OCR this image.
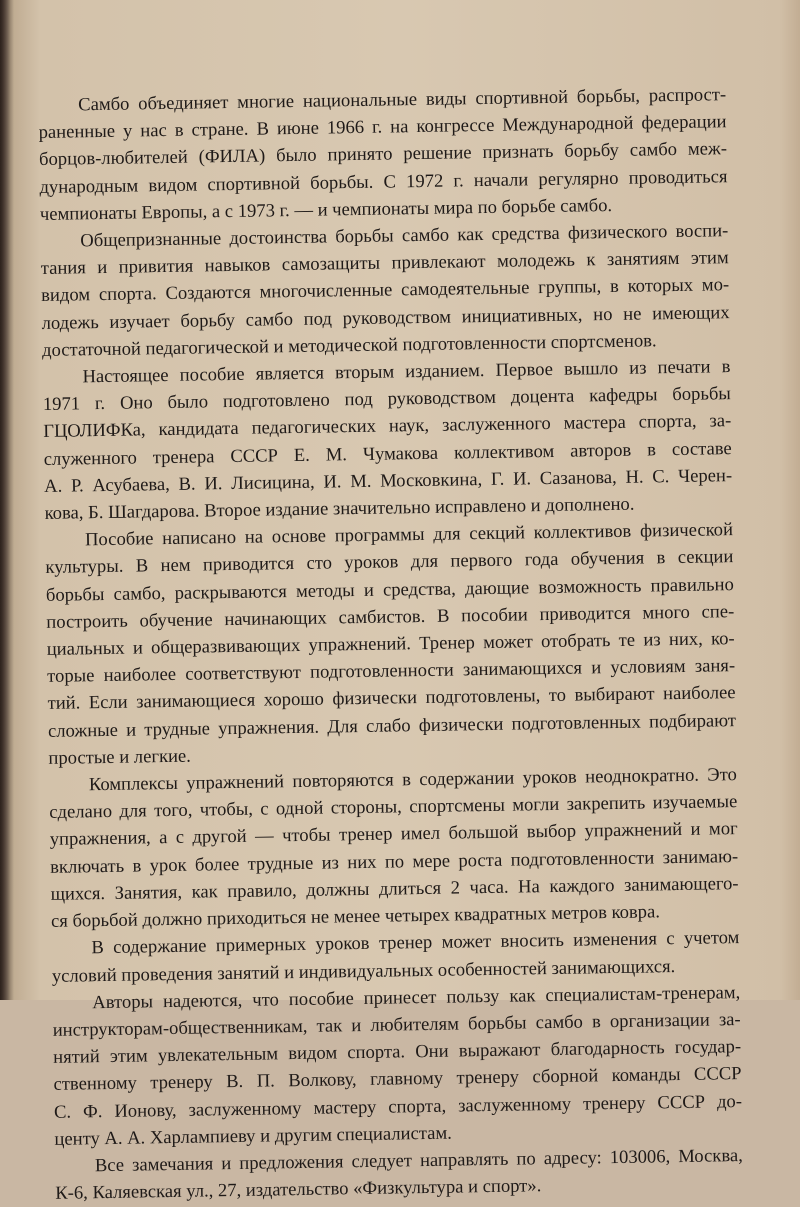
Самбо объединяет многие национальные виды спортивной борьбы, распрост-
раненные у нас в стране. В июне 1966 г. на конгрессе Международной федерации
борцов-любителей (ФИЛА) было принято решение признать борьбу самбо меж-
дународным видом спортивной борьбы. С 1972 г. начали регулярно проводиться
чемпионаты Европы, а с 1973 г. — и чемпионаты мира по борьбе самбо.

Общепризнанные достоинства борьбы самбо как средства физического воспи-
тания и привития навыков самозащиты привлекают молодежь к занятиям этим
видом спорта. Создаются многочисленные самодеятельные группы, в которых мо-
лодежь изучает борьбу самбо под руководством инициативных, но не имеющих
достаточной педагогической и методической подготовленности спортсменов.

Настоящее пособие является вторым изданием. Первое вышло из печати в
1971 г. Оно было подготовлено под руководством доцента кафедры борьбы
ГЦОЛИФКа, кандидата педагогических наук, заслуженного мастера спорта, за-
служенного тренера СССР Е. М. Чумакова коллективом авторов в составе
А. Р. Асубаева, В. И. Лисицина, И. М. Московкина, Г. И. Сазанова, Н. С. Черен-
кова, Б. Шагдарова. Второе издание значительно исправлено и дополнено.

Пособие написано на основе программы для секций коллективов физической
культуры. В нем приводится сто уроков для первого года обучения в секции
борьбы самбо, раскрываются методы и средства, дающие возможность правильно
построить обучение начинающих самбистов. В пособии приводится много спе-
циальных и общеразвивающих упражнений. Тренер может отобрать те из них, ко-
торые наиболее соответствуют подготовленности занимающихся и условиям заня-
тий. Если занимающиеся хорошо физически подготовлены, то выбирают наиболее
сложные и трудные упражнения. Для слабо физически подготовленных подбирают
простые и легкие.

Комплексы упражнений повторяются в содержании уроков неоднократно. Это
сделано для того, чтобы, с одной стороны, спортсмены могли закрепить изучаемые
упражнения, а с другой — чтобы тренер имел большой выбор упражнений и мог
включать в урок более трудные из них по мере роста подготовленности занимаю-
щихся. Занятия, как правило, должны длиться 2 часа. На каждого занимающего-
ся борьбой должно приходиться не менее четырех квадратных метров ковра.

В содержание примерных уроков тренер может вносить изменения с учетом
условий проведения занятий и индивидуальных особенностей занимающихся.

Авторы надеются, что пособие принесет пользу как специалистам-тренерам,
инструкторам-общественникам, так и любителям борьбы самбо в организации за-
нятий этим увлекательным видом спорта. Они выражают благодарность государ-
ственному тренеру В. П. Волкову, главному тренеру сборной команды СССР
С. Ф. Ионову, заслуженному мастеру спорта, заслуженному тренеру СССР до-
центу А. А. Харлампиеву и другим специалистам.

Все замечания и предложения следует направлять по адресу: 103006, Москва,
К-6, Каляевская ул., 27, издательство «Физкультура и спорт».
